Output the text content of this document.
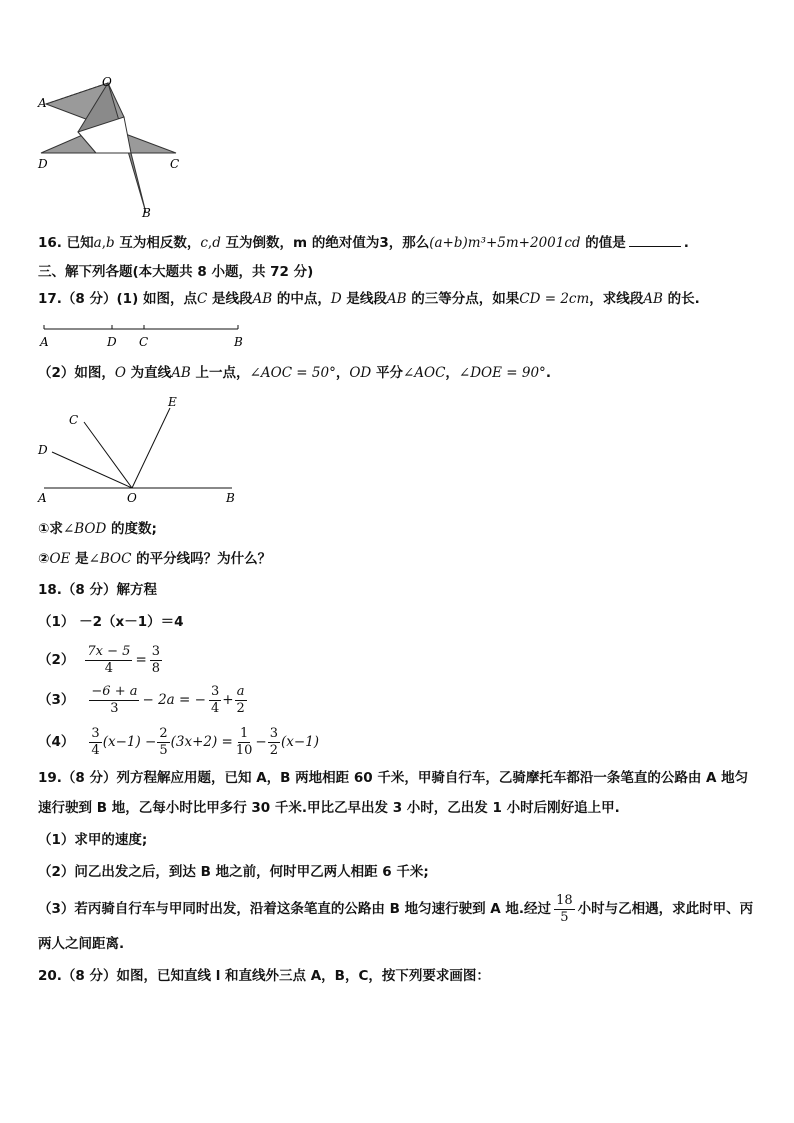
O
A
D	C
B
16. 已知a,b 互为相反数，c,d 互为倒数，m 的绝对值为3，那么(a+b)m³+5m+2001cd 的值是	.
三、解下列各题(本大题共 8 小题，共 72 分)
17.（8 分）(1) 如图，点C 是线段AB 的中点，D 是线段AB 的三等分点，如果CD = 2cm，求线段AB 的长.
A	D C	B
（2）如图，O 为直线AB 上一点，∠AOC = 50°，OD 平分∠AOC，∠DOE = 90°.
C
E
D
A	O	B
①求∠BOD 的度数;
②OE 是∠BOC 的平分线吗？为什么？
18.（8 分）解方程
（1） －2（x－1）＝4
$(2) \frac{7x - 5}{4} = \frac{3}{8}$
$(3) \frac{-6 + a}{3} - 2a$ = − $\frac{3}{4} + \frac{a}{2}$
$(4) \frac{3}{4} (x-1) - \frac{2}{5} (3x+2) = \frac{1}{10} - \frac{3}{2} (x-1)$
19.（8 分）列方程解应用题，已知 A，B 两地相距 60 千米，甲骑自行车，乙骑摩托车都沿一条笔直的公路由 A 地匀
速行驶到 B 地，乙每小时比甲多行 30 千米.甲比乙早出发 3 小时，乙出发 1 小时后刚好追上甲.
（1）求甲的速度;
（2）问乙出发之后，到达 B 地之前，何时甲乙两人相距 6 千米;
（3）若丙骑自行车与甲同时出发，沿着这条笔直的公路由 B 地匀速行驶到 A 地.经过 $\frac{18}{5}$ 小时与乙相遇，求此时甲、丙
两人之间距离.
20.（8 分）如图，已知直线 l 和直线外三点 A，B，C，按下列要求画图：
